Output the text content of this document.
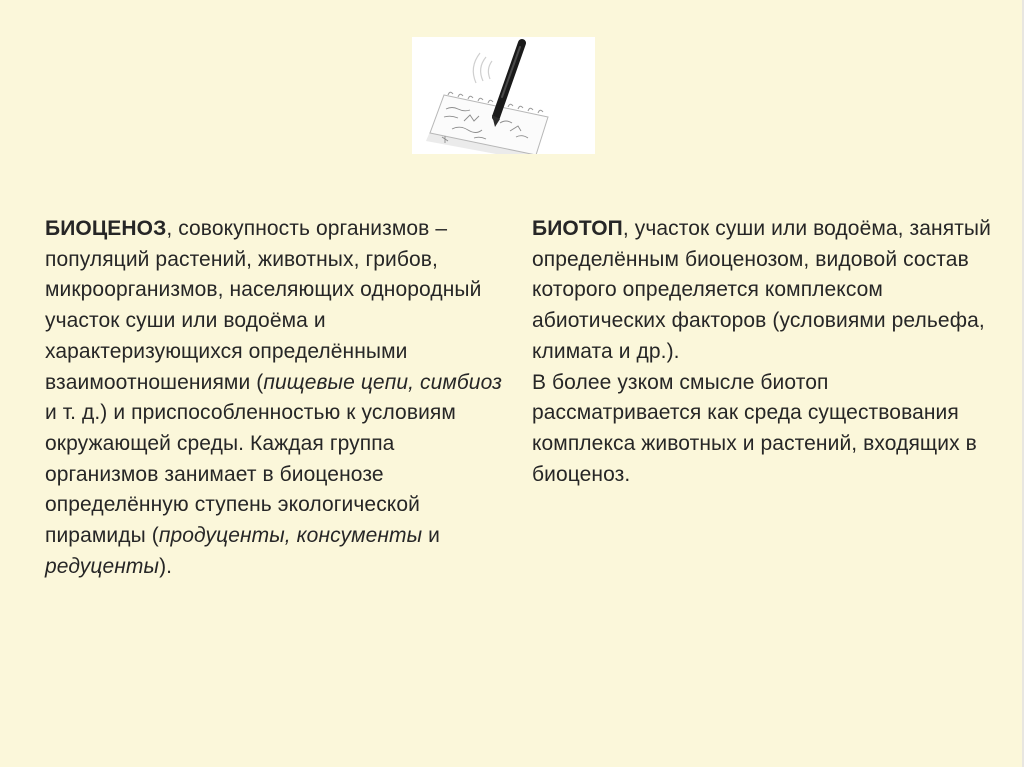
БИОЦЕНОЗ, совокупность организмов – популяций растений, животных, грибов, микроорганизмов, населяющих однородный участок суши или водоёма и характеризующихся определёнными взаимоотношениями (пищевые цепи, симбиоз и т. д.) и приспособленностью к условиям окружающей среды. Каждая группа организмов занимает в биоценозе определённую ступень экологической пирамиды (продуценты, консументы и редуценты).

БИОТОП, участок суши или водоёма, занятый определённым биоценозом, видовой состав которого определяется комплексом абиотических факторов (условиями рельефа, климата и др.).

В более узком смысле биотоп рассматривается как среда существования комплекса животных и растений, входящих в биоценоз.
